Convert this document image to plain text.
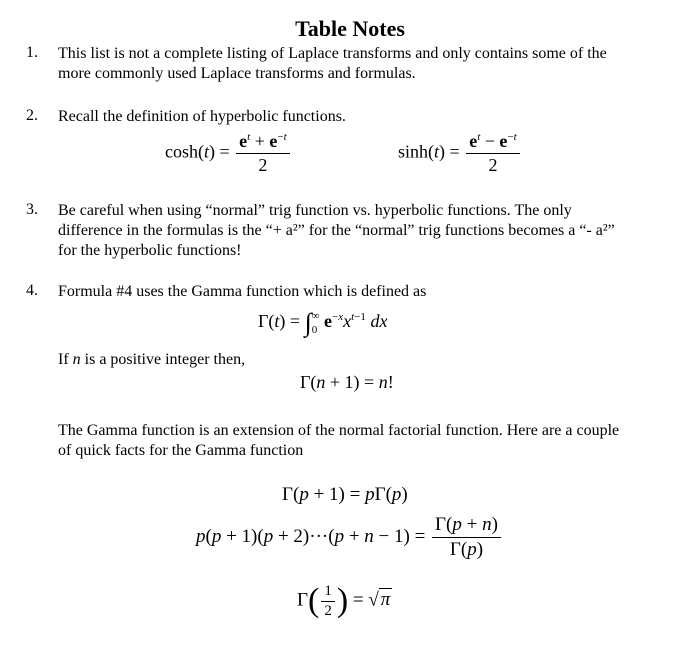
Table Notes
1. This list is not a complete listing of Laplace transforms and only contains some of the
more commonly used Laplace transforms and formulas.
2. Recall the definition of hyperbolic functions.
$\cosh(t) = \frac{e^t + e^{-t}}{2}$	$\sinh(t) = \frac{e^t - e^{-t}}{2}$
3. Be careful when using “normal” trig function vs. hyperbolic functions. The only
difference in the formulas is the “+ a²” for the “normal” trig functions becomes a “- a²”
for the hyperbolic functions!
4. Formula #4 uses the Gamma function which is defined as
Γ(t) = ∫ ∞
0 $e^{-x}x^{t-1}$ dx
If n is a positive integer then,
Γ(n + 1) = n!
The Gamma function is an extension of the normal factorial function. Here are a couple
of quick facts for the Gamma function
Γ(p + 1) = pΓ(p)
$p(p + 1)(p + 2)\cdot\cdot\cdot(p + n - 1) = \frac{\Gamma(p + n)}{\Gamma(p)}$
$\Gamma( \frac{1}{2}$ ) = √ π
